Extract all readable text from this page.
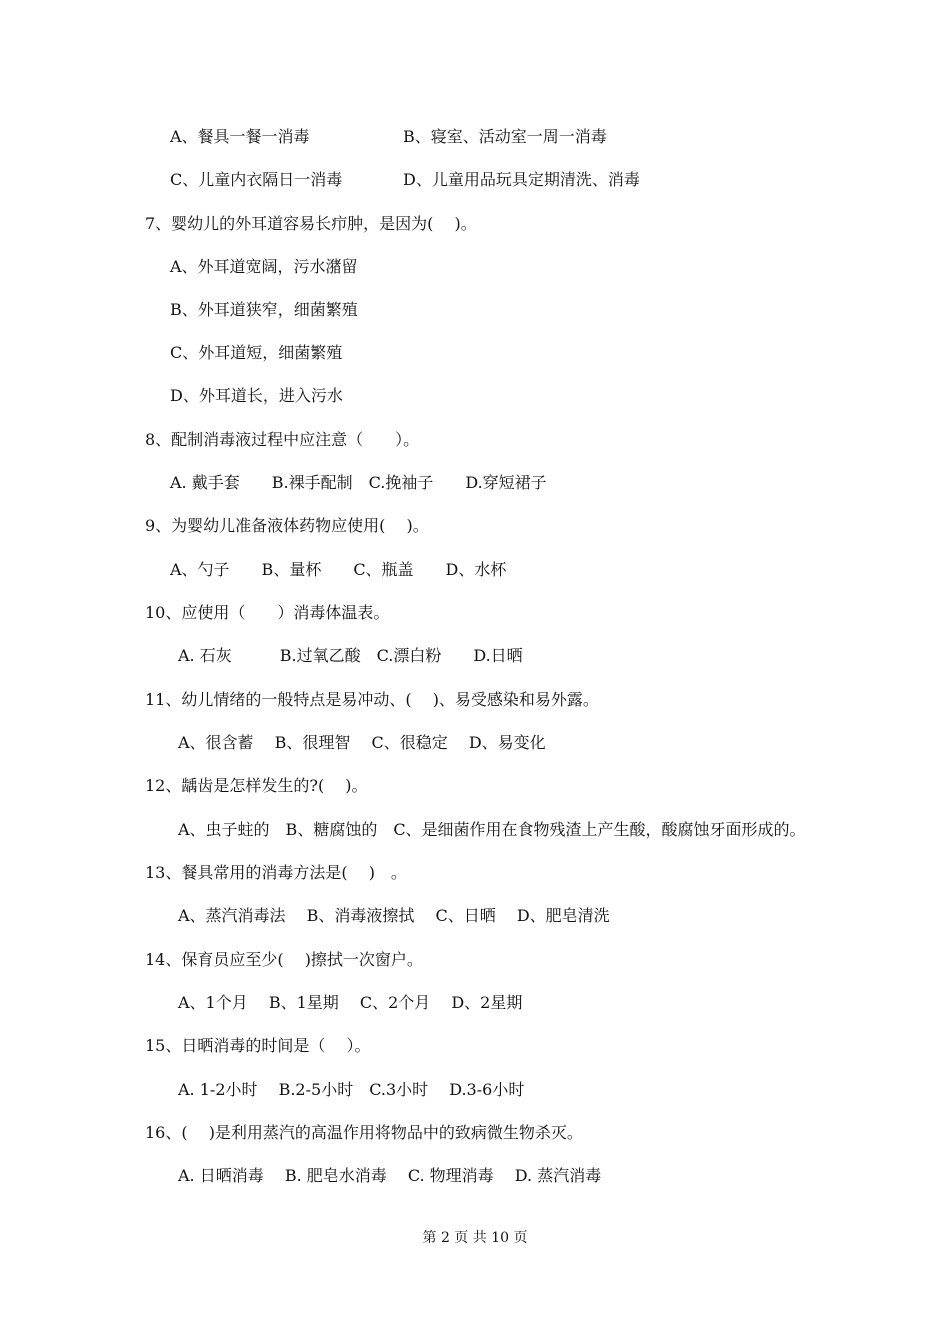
A、餐具一餐一消毒	B、寝室、活动室一周一消毒
C、儿童内衣隔日一消毒	D、儿童用品玩具定期清洗、消毒
7、婴幼儿的外耳道容易长疖肿，是因为(　 )。
A、外耳道宽阔，污水潴留
B、外耳道狭窄，细菌繁殖
C、外耳道短，细菌繁殖
D、外耳道长，进入污水
8、配制消毒液过程中应注意（　　）。
A. 戴手套　　B.裸手配制　C.挽袖子　　D.穿短裙子
9、为婴幼儿准备液体药物应使用(　 )。
A、勺子　　B、量杯　　C、瓶盖　　D、水杯
10、应使用（　　）消毒体温表。
A. 石灰　　　B.过氧乙酸　C.漂白粉　　D.日晒
11、幼儿情绪的一般特点是易冲动、(　 )、易受感染和易外露。
A、很含蓄　 B、很理智　 C、很稳定　 D、易变化
12、龋齿是怎样发生的?(　 )。
A、虫子蛀的　B、糖腐蚀的　C、是细菌作用在食物残渣上产生酸，酸腐蚀牙面形成的。
13、餐具常用的消毒方法是(　 )　。
A、蒸汽消毒法　 B、消毒液擦拭　 C、日晒　 D、肥皂清洗
14、保育员应至少(　 )擦拭一次窗户。
A、1个月　 B、1星期　 C、2个月　 D、2星期
15、日晒消毒的时间是（　 ）。
A. 1-2小时　 B.2-5小时　C.3小时　 D.3-6小时
16、(　 )是利用蒸汽的高温作用将物品中的致病微生物杀灭。
A. 日晒消毒　 B. 肥皂水消毒　 C. 物理消毒　 D. 蒸汽消毒
第 2 页 共 10 页
